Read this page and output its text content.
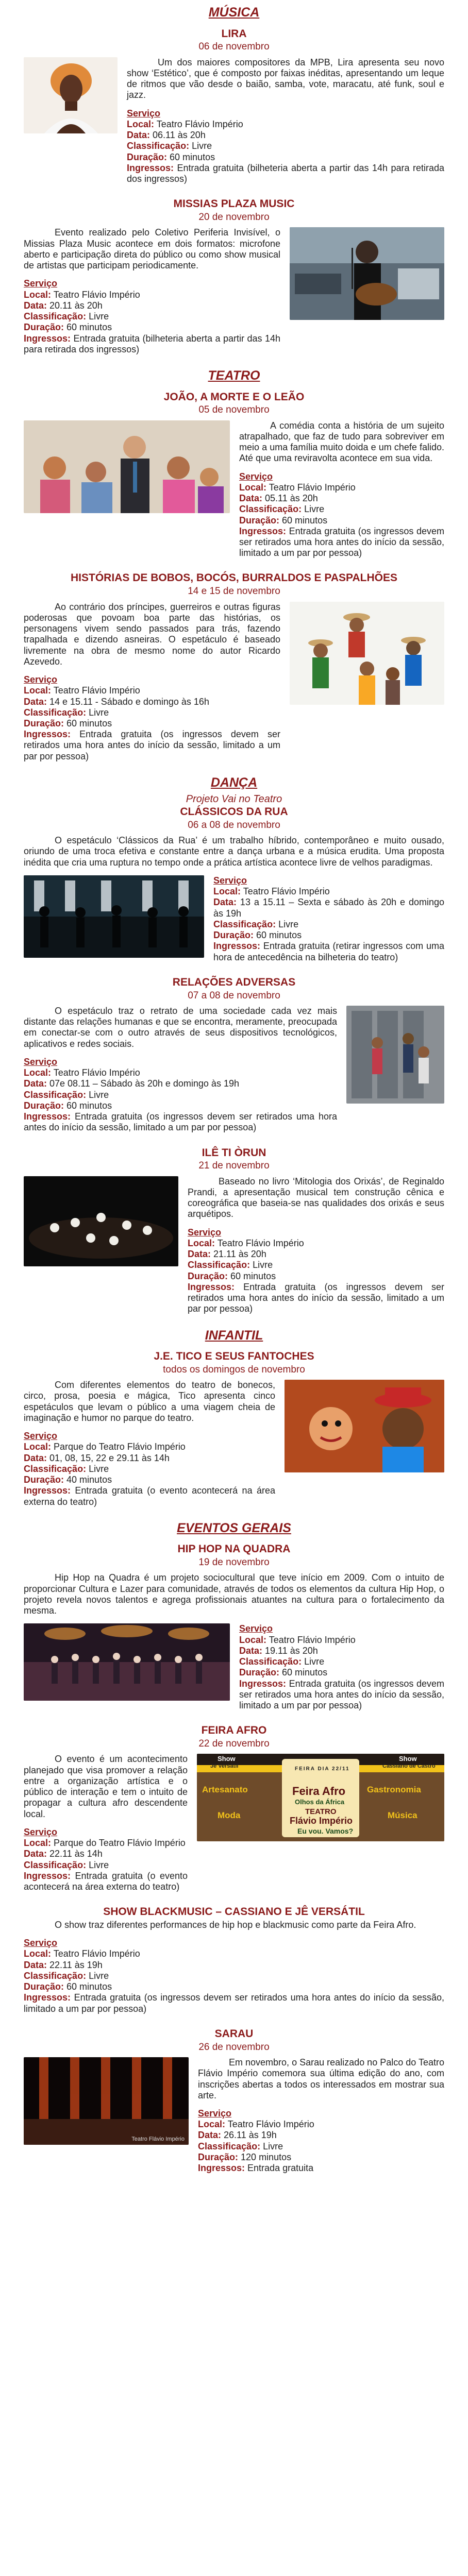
MÚSICA
LIRA
06 de novembro

Um dos maiores compositores da MPB, Lira apresenta seu novo show ‘Estético’, que é composto por faixas inéditas, apresentando um leque de ritmos que vão desde o baião, samba, vote, maracatu, até funk, soul e jazz.

Serviço
Local: Teatro Flávio Império
Data: 06.11 às 20h
Classificação: Livre
Duração: 60 minutos
Ingressos: Entrada gratuita (bilheteria aberta a partir das 14h para retirada dos ingressos)
MISSIAS PLAZA MUSIC
20 de novembro

Evento realizado pelo Coletivo Periferia Invisível, o Missias Plaza Music acontece em dois formatos: microfone aberto e participação direta do público ou como show musical de artistas que participam periodicamente.

Serviço
Local: Teatro Flávio Império
Data: 20.11 às 20h
Classificação: Livre
Duração: 60 minutos
Ingressos: Entrada gratuita (bilheteria aberta a partir das 14h para retirada dos ingressos)
TEATRO
JOÃO, A MORTE E O LEÃO
05 de novembro

A comédia conta a história de um sujeito atrapalhado, que faz de tudo para sobreviver em meio a uma família muito doida e um chefe falido. Até que uma reviravolta acontece em sua vida.

Serviço
Local: Teatro Flávio Império
Data: 05.11 às 20h
Classificação: Livre
Duração: 60 minutos
Ingressos: Entrada gratuita (os ingressos devem ser retirados uma hora antes do início da sessão, limitado a um par por pessoa)
HISTÓRIAS DE BOBOS, BOCÓS, BURRALDOS E PASPALHÕES
14 e 15 de novembro

Ao contrário dos príncipes, guerreiros e outras figuras poderosas que povoam boa parte das histórias, os personagens vivem sendo passados para trás, fazendo trapalhada e dizendo asneiras. O espetáculo é baseado livremente na obra de mesmo nome do autor Ricardo Azevedo.

Serviço
Local: Teatro Flávio Império
Data: 14 e 15.11 - Sábado e domingo às 16h
Classificação: Livre
Duração: 60 minutos
Ingressos: Entrada gratuita (os ingressos devem ser retirados uma hora antes do início da sessão, limitado a um par por pessoa)
DANÇA
Projeto Vai no Teatro
CLÁSSICOS DA RUA
06 a 08 de novembro

O espetáculo ‘Clássicos da Rua’ é um trabalho híbrido, contemporâneo e muito ousado, oriundo de uma troca efetiva e constante entre a dança urbana e a música erudita. Uma proposta inédita que cria uma ruptura no tempo onde a prática artística acontece livre de velhos paradigmas.

Serviço
Local: Teatro Flávio Império
Data: 13 a 15.11 – Sexta e sábado às 20h e domingo às 19h
Classificação: Livre
Duração: 60 minutos
Ingressos: Entrada gratuita (retirar ingressos com uma hora de antecedência na bilheteria do teatro)
RELAÇÕES ADVERSAS
07 a 08 de novembro

O espetáculo traz o retrato de uma sociedade cada vez mais distante das relações humanas e que se encontra, meramente, preocupada em conectar-se com o outro através de seus dispositivos tecnológicos, aplicativos e redes sociais.

Serviço
Local: Teatro Flávio Império
Data: 07e 08.11 – Sábado às 20h e domingo às 19h
Classificação: Livre
Duração: 60 minutos
Ingressos: Entrada gratuita (os ingressos devem ser retirados uma hora antes do início da sessão, limitado a um par por pessoa)
ILÊ TI ÒRUN
21 de novembro

Baseado no livro ‘Mitologia dos Orixás’, de Reginaldo Prandi, a apresentação musical tem construção cênica e coreográfica que baseia-se nas qualidades dos orixás e seus arquétipos.

Serviço
Local: Teatro Flávio Império
Data: 21.11 às 20h
Classificação: Livre
Duração: 60 minutos
Ingressos: Entrada gratuita (os ingressos devem ser retirados uma hora antes do início da sessão, limitado a um par por pessoa)
INFANTIL
J.E. TICO E SEUS FANTOCHES
todos os domingos de novembro

Com diferentes elementos do teatro de bonecos, circo, prosa, poesia e mágica, Tico apresenta cinco espetáculos que levam o público a uma viagem cheia de imaginação e humor no parque do teatro.

Serviço
Local: Parque do Teatro Flávio Império
Data: 01, 08, 15, 22 e 29.11 às 14h
Classificação: Livre
Duração: 40 minutos
Ingressos: Entrada gratuita (o evento acontecerá na área externa do teatro)
EVENTOS GERAIS
HIP HOP NA QUADRA
19 de novembro

Hip Hop na Quadra é um projeto sociocultural que teve início em 2009. Com o intuito de proporcionar Cultura e Lazer para comunidade, através de todos os elementos da cultura Hip Hop, o projeto revela novos talentos e agrega profissionais atuantes na cultura para o fortalecimento da mesma.

Serviço
Local: Teatro Flávio Império
Data: 19.11 às 20h
Classificação: Livre
Duração: 60 minutos
Ingressos: Entrada gratuita (os ingressos devem ser retirados uma hora antes do início da sessão, limitado a um par por pessoa)
FEIRA AFRO
22 de novembro

O evento é um acontecimento planejado que visa promover a relação entre a organização artística e o público de interação e tem o intuito de propagar a cultura afro descendente local.

Serviço
Local: Parque do Teatro Flávio Império
Data: 22.11 às 14h
Classificação: Livre
Ingressos: Entrada gratuita (o evento acontecerá na área externa do teatro)
Show
Jê Versátil
Show
Cassiano de Castro
FEIRA DIA 22/11
Artesanato
Moda
Gastronomia
Música
Feira Afro
Olhos da África
TEATRO
Flávio Império
Eu vou. Vamos?
SHOW BLACKMUSIC – CASSIANO E JÊ VERSÁTIL

O show traz diferentes performances de hip hop e blackmusic como parte da Feira Afro.

Serviço
Local: Teatro Flávio Império
Data: 22.11 às 19h
Classificação: Livre
Duração: 60 minutos
Ingressos: Entrada gratuita (os ingressos devem ser retirados uma hora antes do início da sessão, limitado a um par por pessoa)
SARAU
26 de novembro
Teatro Flávio Império

Em novembro, o Sarau realizado no Palco do Teatro Flávio Império comemora sua última edição do ano, com inscrições abertas a todos os interessados em mostrar sua arte.

Serviço
Local: Teatro Flávio Império
Data: 26.11 às 19h
Classificação: Livre
Duração: 120 minutos
Ingressos: Entrada gratuita
